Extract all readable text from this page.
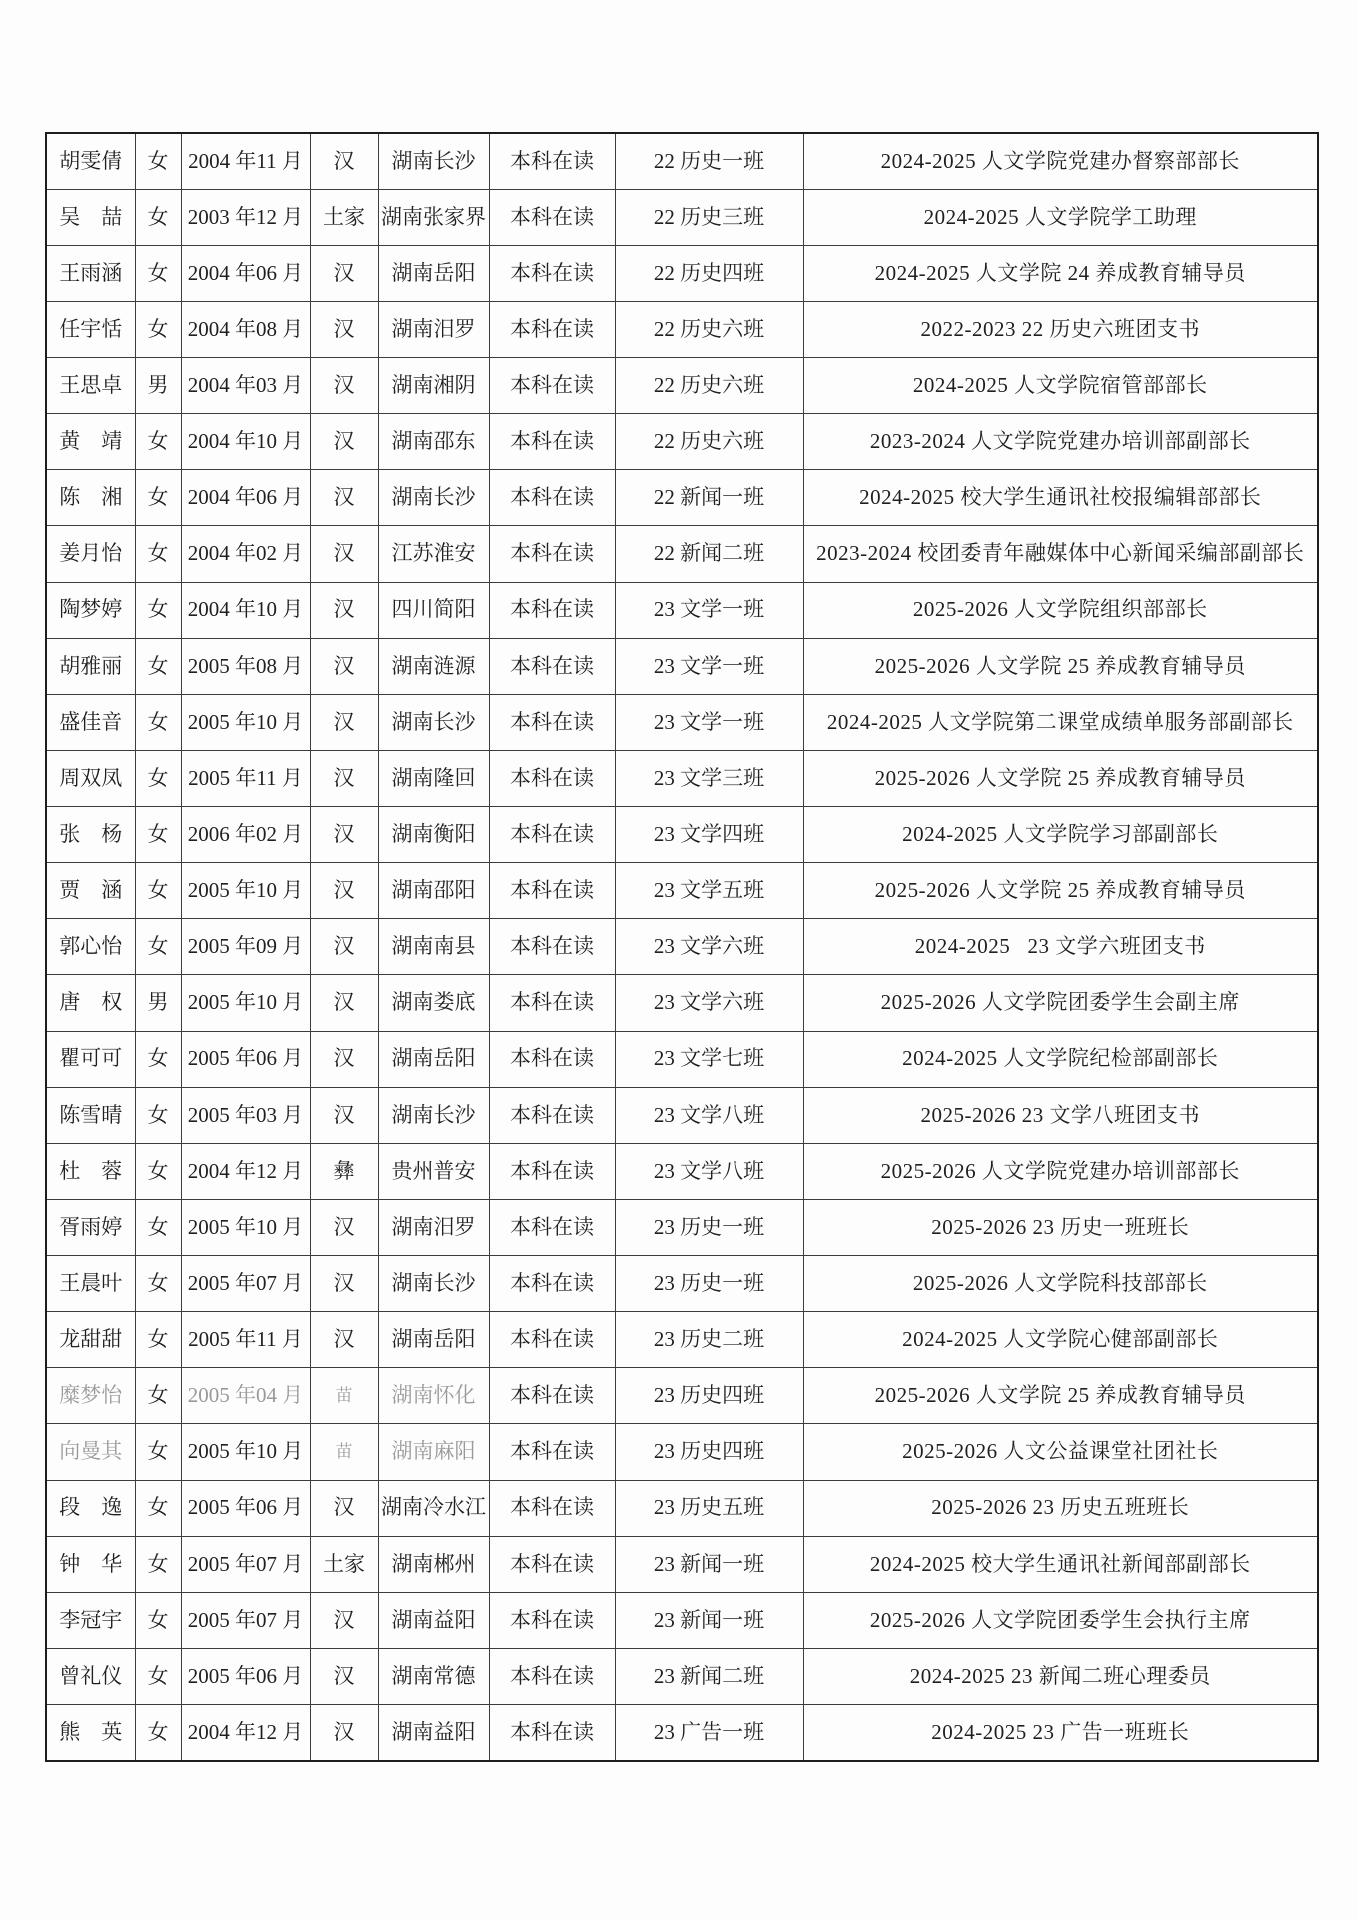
胡雯倩	女	2004 年11 月	汉	湖南长沙	本科在读	22 历史一班	2024-2025 人文学院党建办督察部部长
吴　喆	女	2003 年12 月	土家	湖南张家界	本科在读	22 历史三班	2024-2025 人文学院学工助理
王雨涵	女	2004 年06 月	汉	湖南岳阳	本科在读	22 历史四班	2024-2025 人文学院 24 养成教育辅导员
任宇恬	女	2004 年08 月	汉	湖南汨罗	本科在读	22 历史六班	2022-2023 22 历史六班团支书
王思卓	男	2004 年03 月	汉	湖南湘阴	本科在读	22 历史六班	2024-2025 人文学院宿管部部长
黄　靖	女	2004 年10 月	汉	湖南邵东	本科在读	22 历史六班	2023-2024 人文学院党建办培训部副部长
陈　湘	女	2004 年06 月	汉	湖南长沙	本科在读	22 新闻一班	2024-2025 校大学生通讯社校报编辑部部长
姜月怡	女	2004 年02 月	汉	江苏淮安	本科在读	22 新闻二班	2023-2024 校团委青年融媒体中心新闻采编部副部长
陶梦婷	女	2004 年10 月	汉	四川简阳	本科在读	23 文学一班	2025-2026 人文学院组织部部长
胡雅丽	女	2005 年08 月	汉	湖南涟源	本科在读	23 文学一班	2025-2026 人文学院 25 养成教育辅导员
盛佳音	女	2005 年10 月	汉	湖南长沙	本科在读	23 文学一班	2024-2025 人文学院第二课堂成绩单服务部副部长
周双凤	女	2005 年11 月	汉	湖南隆回	本科在读	23 文学三班	2025-2026 人文学院 25 养成教育辅导员
张　杨	女	2006 年02 月	汉	湖南衡阳	本科在读	23 文学四班	2024-2025 人文学院学习部副部长
贾　涵	女	2005 年10 月	汉	湖南邵阳	本科在读	23 文学五班	2025-2026 人文学院 25 养成教育辅导员
郭心怡	女	2005 年09 月	汉	湖南南县	本科在读	23 文学六班	2024-2025   23 文学六班团支书
唐　权	男	2005 年10 月	汉	湖南娄底	本科在读	23 文学六班	2025-2026 人文学院团委学生会副主席
瞿可可	女	2005 年06 月	汉	湖南岳阳	本科在读	23 文学七班	2024-2025 人文学院纪检部副部长
陈雪晴	女	2005 年03 月	汉	湖南长沙	本科在读	23 文学八班	2025-2026 23 文学八班团支书
杜　蓉	女	2004 年12 月	彝	贵州普安	本科在读	23 文学八班	2025-2026 人文学院党建办培训部部长
胥雨婷	女	2005 年10 月	汉	湖南汨罗	本科在读	23 历史一班	2025-2026 23 历史一班班长
王晨叶	女	2005 年07 月	汉	湖南长沙	本科在读	23 历史一班	2025-2026 人文学院科技部部长
龙甜甜	女	2005 年11 月	汉	湖南岳阳	本科在读	23 历史二班	2024-2025 人文学院心健部副部长
糜梦怡	女	2005 年04 月	苗	湖南怀化	本科在读	23 历史四班	2025-2026 人文学院 25 养成教育辅导员
向曼其	女	2005 年10 月	苗	湖南麻阳	本科在读	23 历史四班	2025-2026 人文公益课堂社团社长
段　逸	女	2005 年06 月	汉	湖南冷水江	本科在读	23 历史五班	2025-2026 23 历史五班班长
钟　华	女	2005 年07 月	土家	湖南郴州	本科在读	23 新闻一班	2024-2025 校大学生通讯社新闻部副部长
李冠宇	女	2005 年07 月	汉	湖南益阳	本科在读	23 新闻一班	2025-2026 人文学院团委学生会执行主席
曾礼仪	女	2005 年06 月	汉	湖南常德	本科在读	23 新闻二班	2024-2025 23 新闻二班心理委员
熊　英	女	2004 年12 月	汉	湖南益阳	本科在读	23 广告一班	2024-2025 23 广告一班班长
